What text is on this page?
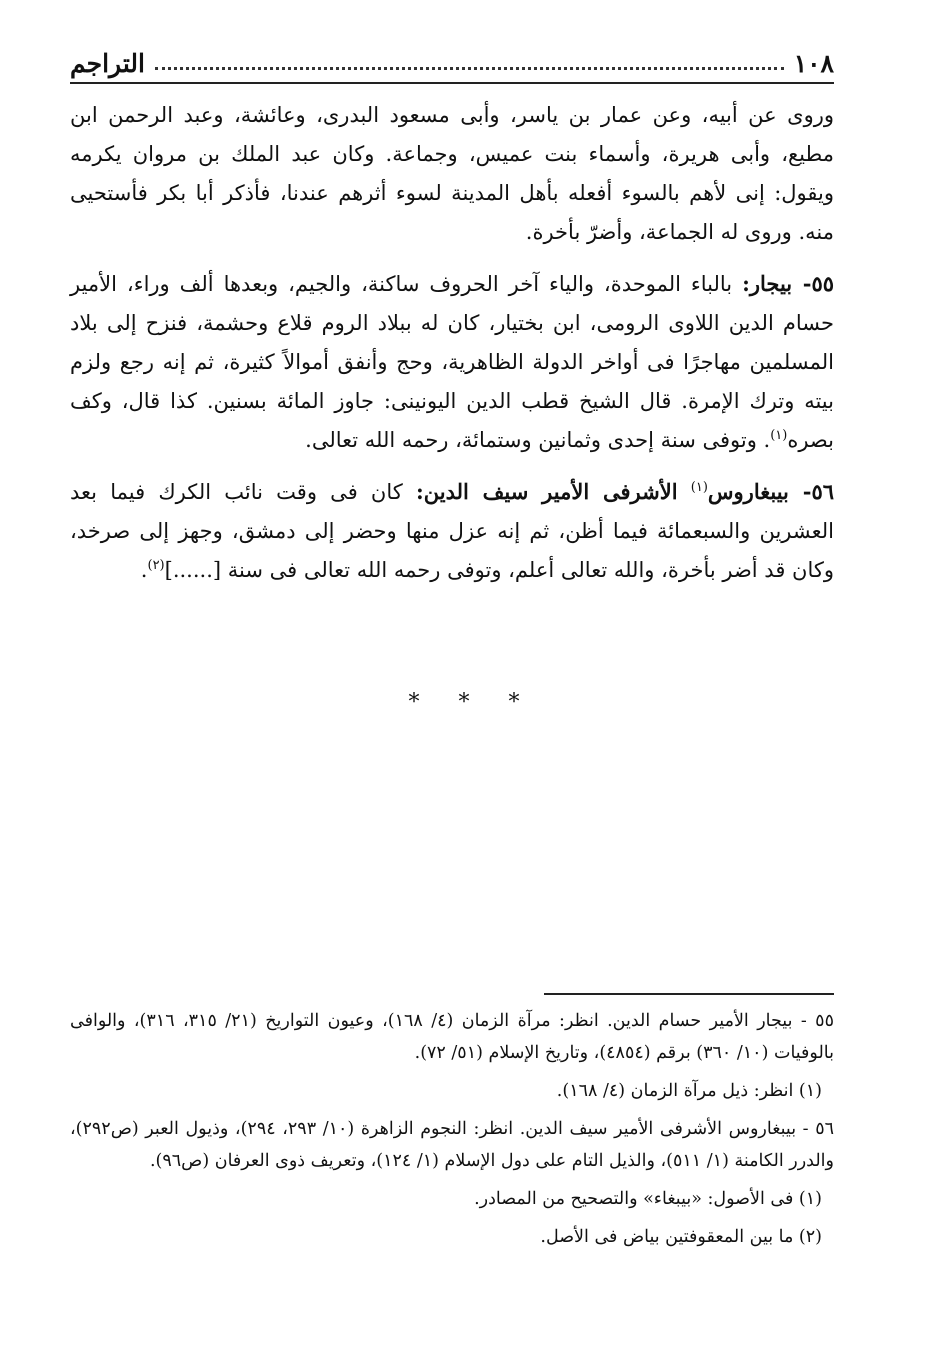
١٠٨
التراجم

وروى عن أبيه، وعن عمار بن ياسر، وأبى مسعود البدرى، وعائشة، وعبد الرحمن ابن مطيع، وأبى هريرة، وأسماء بنت عميس، وجماعة. وكان عبد الملك بن مروان يكرمه ويقول: إنى لأهم بالسوء أفعله بأهل المدينة لسوء أثرهم عندنا، فأذكر أبا بكر فأستحيى منه. وروى له الجماعة، وأضرّ بأخرة.

٥٥- بيجار: بالباء الموحدة، والياء آخر الحروف ساكنة، والجيم، وبعدها ألف وراء، الأمير حسام الدين اللاوى الرومى، ابن بختيار، كان له ببلاد الروم قلاع وحشمة، فنزح إلى بلاد المسلمين مهاجرًا فى أواخر الدولة الظاهرية، وحج وأنفق أموالاً كثيرة، ثم إنه رجع ولزم بيته وترك الإمرة. قال الشيخ قطب الدين اليونينى: جاوز المائة بسنين. كذا قال، وكف بصره$^{(١)}$. وتوفى سنة إحدى وثمانين وستمائة، رحمه الله تعالى.

٥٦- بيبغاروس$^{(١)}$ الأشرفى الأمير سيف الدين: كان فى وقت نائب الكرك فيما بعد العشرين والسبعمائة فيما أظن، ثم إنه عزل منها وحضر إلى دمشق، وجهز إلى صرخد، وكان قد أضر بأخرة، والله تعالى أعلم، وتوفى رحمه الله تعالى فى سنة [......]$^{(٢)}$.

* * *

٥٥ - بيجار الأمير حسام الدين. انظر: مرآة الزمان (٤/ ١٦٨)، وعيون التواريخ (٢١/ ٣١٥، ٣١٦)، والوافى بالوفيات (١٠/ ٣٦٠) برقم (٤٨٥٤)، وتاريخ الإسلام (٥١/ ٧٢).

(١) انظر: ذيل مرآة الزمان (٤/ ١٦٨).

٥٦ - بيبغاروس الأشرفى الأمير سيف الدين. انظر: النجوم الزاهرة (١٠/ ٢٩٣، ٢٩٤)، وذيول العبر (ص٢٩٢)، والدرر الكامنة (١/ ٥١١)، والذيل التام على دول الإسلام (١/ ١٢٤)، وتعريف ذوى العرفان (ص٩٦).

(١) فى الأصول: «بيبغاء» والتصحيح من المصادر.

(٢) ما بين المعقوفتين بياض فى الأصل.
